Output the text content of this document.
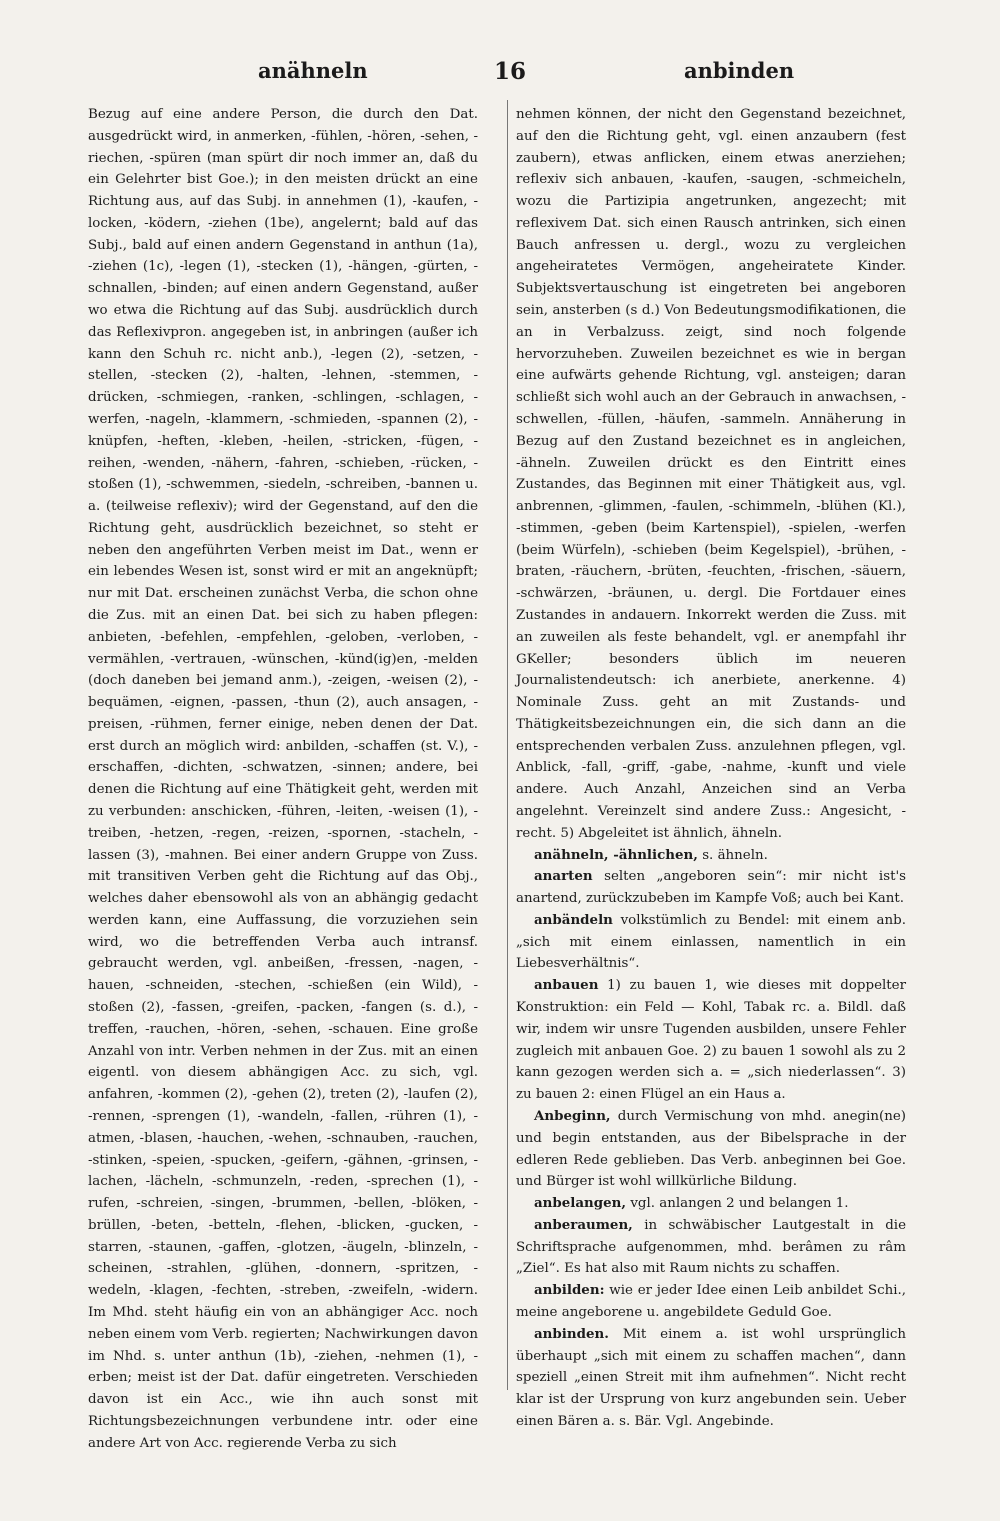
anähneln	16	anbinden

Bezug auf eine andere Person, die durch den Dat. ausgedrückt wird, in anmerken, -fühlen, -hören, -sehen, -riechen, -spüren (man spürt dir noch immer an, daß du ein Gelehrter bist Goe.); in den meisten drückt an eine Richtung aus, auf das Subj. in annehmen (1), -kaufen, -locken, -ködern, -ziehen (1be), angelernt; bald auf das Subj., bald auf einen andern Gegenstand in anthun (1a), -ziehen (1c), -legen (1), -stecken (1), -hängen, -gürten, -schnallen, -binden; auf einen andern Gegenstand, außer wo etwa die Richtung auf das Subj. ausdrücklich durch das Reflexivpron. angegeben ist, in anbringen (außer ich kann den Schuh rc. nicht anb.), -legen (2), -setzen, -stellen, -stecken (2), -halten, -lehnen, -stemmen, -drücken, -schmiegen, -ranken, -schlingen, -schlagen, -werfen, -nageln, -klammern, -schmieden, -spannen (2), -knüpfen, -heften, -kleben, -heilen, -stricken, -fügen, -reihen, -wenden, -nähern, -fahren, -schieben, -rücken, -stoßen (1), -schwemmen, -siedeln, -schreiben, -bannen u. a. (teilweise reflexiv); wird der Gegenstand, auf den die Richtung geht, ausdrücklich bezeichnet, so steht er neben den angeführten Verben meist im Dat., wenn er ein lebendes Wesen ist, sonst wird er mit an angeknüpft; nur mit Dat. erscheinen zunächst Verba, die schon ohne die Zus. mit an einen Dat. bei sich zu haben pflegen: anbieten, -befehlen, -empfehlen, -geloben, -verloben, -vermählen, -vertrauen, -wünschen, -künd(ig)en, -melden (doch daneben bei jemand anm.), -zeigen, -weisen (2), -bequämen, -eignen, -passen, -thun (2), auch ansagen, -preisen, -rühmen, ferner einige, neben denen der Dat. erst durch an möglich wird: anbilden, -schaffen (st. V.), -erschaffen, -dichten, -schwatzen, -sinnen; andere, bei denen die Richtung auf eine Thätigkeit geht, werden mit zu verbunden: anschicken, -führen, -leiten, -weisen (1), -treiben, -hetzen, -regen, -reizen, -spornen, -stacheln, -lassen (3), -mahnen. Bei einer andern Gruppe von Zuss. mit transitiven Verben geht die Richtung auf das Obj., welches daher ebensowohl als von an abhängig gedacht werden kann, eine Auffassung, die vorzuziehen sein wird, wo die betreffenden Verba auch intransf. gebraucht werden, vgl. anbeißen, -fressen, -nagen, -hauen, -schneiden, -stechen, -schießen (ein Wild), -stoßen (2), -fassen, -greifen, -packen, -fangen (s. d.), -treffen, -rauchen, -hören, -sehen, -schauen. Eine große Anzahl von intr. Verben nehmen in der Zus. mit an einen eigentl. von diesem abhängigen Acc. zu sich, vgl. anfahren, -kommen (2), -gehen (2), treten (2), -laufen (2), -rennen, -sprengen (1), -wandeln, -fallen, -rühren (1), -atmen, -blasen, -hauchen, -wehen, -schnauben, -rauchen, -stinken, -speien, -spucken, -geifern, -gähnen, -grinsen, -lachen, -lächeln, -schmunzeln, -reden, -sprechen (1), -rufen, -schreien, -singen, -brummen, -bellen, -blöken, -brüllen, -beten, -betteln, -flehen, -blicken, -gucken, -starren, -staunen, -gaffen, -glotzen, -äugeln, -blinzeln, -scheinen, -strahlen, -glühen, -donnern, -spritzen, -wedeln, -klagen, -fechten, -streben, -zweifeln, -widern. Im Mhd. steht häufig ein von an abhängiger Acc. noch neben einem vom Verb. regierten; Nachwirkungen davon im Nhd. s. unter anthun (1b), -ziehen, -nehmen (1), -erben; meist ist der Dat. dafür eingetreten. Verschieden davon ist ein Acc., wie ihn auch sonst mit Richtungsbezeichnungen verbundene intr. oder eine andere Art von Acc. regierende Verba zu sich

nehmen können, der nicht den Gegenstand bezeichnet, auf den die Richtung geht, vgl. einen anzaubern (fest zaubern), etwas anflicken, einem etwas anerziehen; reflexiv sich anbauen, -kaufen, -saugen, -schmeicheln, wozu die Partizipia angetrunken, angezecht; mit reflexivem Dat. sich einen Rausch antrinken, sich einen Bauch anfressen u. dergl., wozu zu vergleichen angeheiratetes Vermögen, angeheiratete Kinder. Subjektsvertauschung ist eingetreten bei angeboren sein, ansterben (s d.) Von Bedeutungsmodifikationen, die an in Verbalzuss. zeigt, sind noch folgende hervorzuheben. Zuweilen bezeichnet es wie in bergan eine aufwärts gehende Richtung, vgl. ansteigen; daran schließt sich wohl auch an der Gebrauch in anwachsen, -schwellen, -füllen, -häufen, -sammeln. Annäherung in Bezug auf den Zustand bezeichnet es in angleichen, -ähneln. Zuweilen drückt es den Eintritt eines Zustandes, das Beginnen mit einer Thätigkeit aus, vgl. anbrennen, -glimmen, -faulen, -schimmeln, -blühen (Kl.), -stimmen, -geben (beim Kartenspiel), -spielen, -werfen (beim Würfeln), -schieben (beim Kegelspiel), -brühen, -braten, -räuchern, -brüten, -feuchten, -frischen, -säuern, -schwärzen, -bräunen, u. dergl. Die Fortdauer eines Zustandes in andauern. Inkorrekt werden die Zuss. mit an zuweilen als feste behandelt, vgl. er anempfahl ihr GKeller; besonders üblich im neueren Journalistendeutsch: ich anerbiete, anerkenne. 4) Nominale Zuss. geht an mit Zustands- und Thätigkeitsbezeichnungen ein, die sich dann an die entsprechenden verbalen Zuss. anzulehnen pflegen, vgl. Anblick, -fall, -griff, -gabe, -nahme, -kunft und viele andere. Auch Anzahl, Anzeichen sind an Verba angelehnt. Vereinzelt sind andere Zuss.: Angesicht, -recht. 5) Abgeleitet ist ähnlich, ähneln.

anähneln, -ähnlichen, s. ähneln.

anarten selten „angeboren sein“: mir nicht ist's anartend, zurückzubeben im Kampfe Voß; auch bei Kant.

anbändeln volkstümlich zu Bendel: mit einem anb. „sich mit einem einlassen, namentlich in ein Liebesverhältnis“.

anbauen 1) zu bauen 1, wie dieses mit doppelter Konstruktion: ein Feld — Kohl, Tabak rc. a. Bildl. daß wir, indem wir unsre Tugenden ausbilden, unsere Fehler zugleich mit anbauen Goe. 2) zu bauen 1 sowohl als zu 2 kann gezogen werden sich a. = „sich niederlassen“. 3) zu bauen 2: einen Flügel an ein Haus a.

Anbeginn, durch Vermischung von mhd. anegin(ne) und begin entstanden, aus der Bibelsprache in der edleren Rede geblieben. Das Verb. anbeginnen bei Goe. und Bürger ist wohl willkürliche Bildung.

anbelangen, vgl. anlangen 2 und belangen 1.

anberaumen, in schwäbischer Lautgestalt in die Schriftsprache aufgenommen, mhd. berâmen zu râm „Ziel“. Es hat also mit Raum nichts zu schaffen.

anbilden: wie er jeder Idee einen Leib anbildet Schi., meine angeborene u. angebildete Geduld Goe.

anbinden. Mit einem a. ist wohl ursprünglich überhaupt „sich mit einem zu schaffen machen“, dann speziell „einen Streit mit ihm aufnehmen“. Nicht recht klar ist der Ursprung von kurz angebunden sein. Ueber einen Bären a. s. Bär. Vgl. Angebinde.
